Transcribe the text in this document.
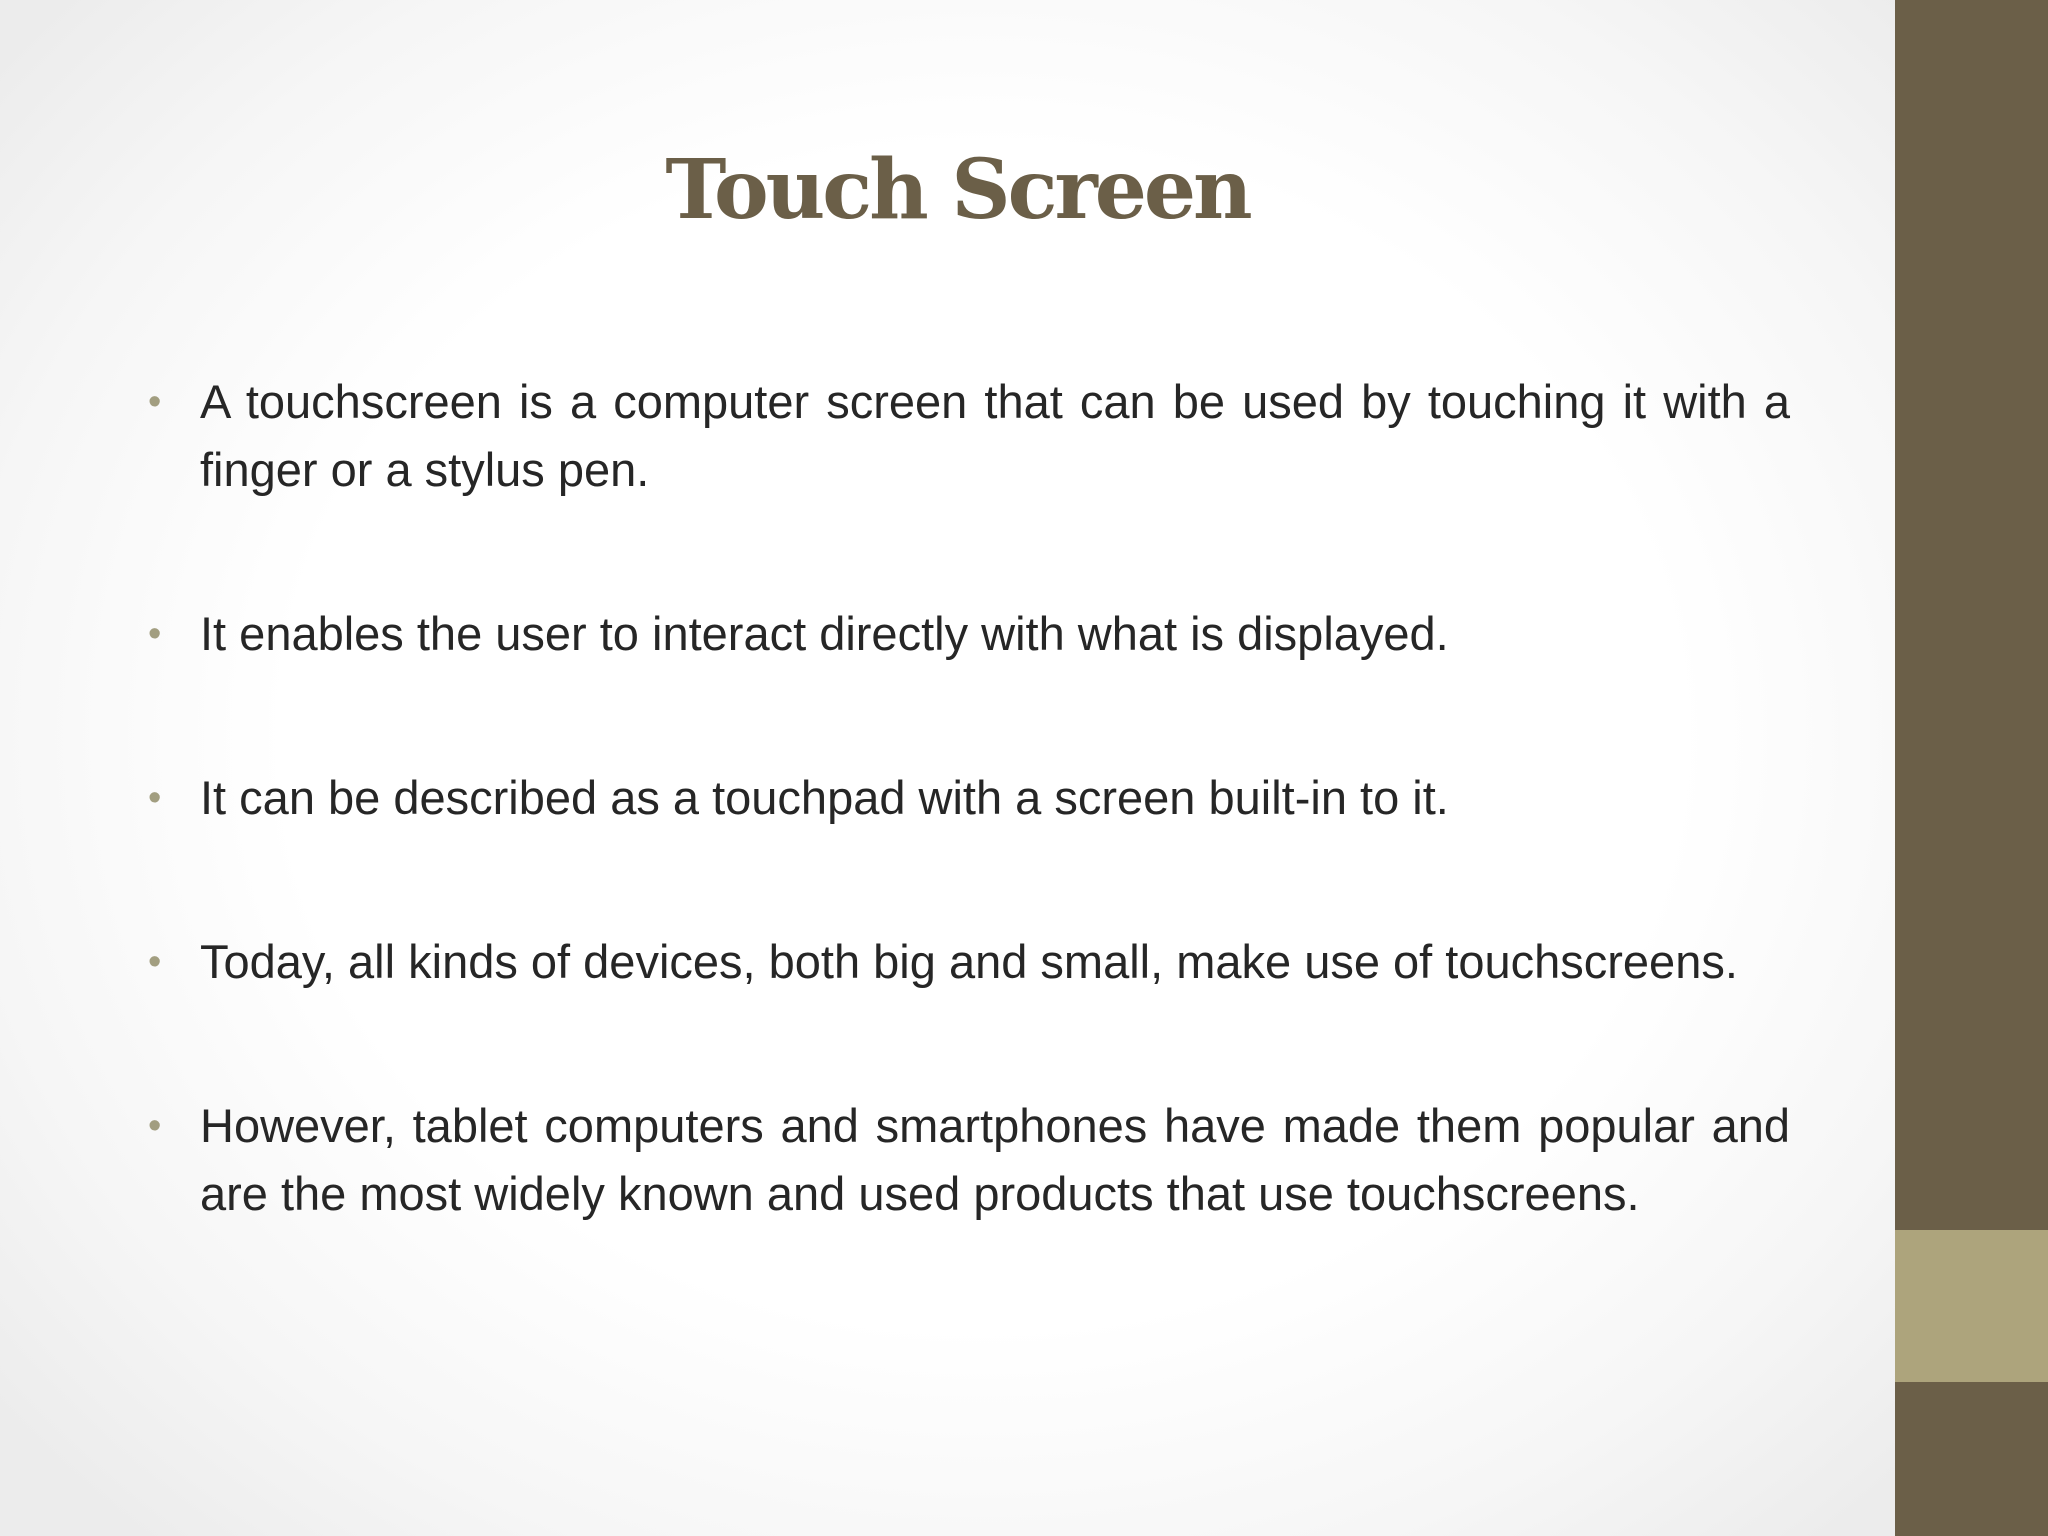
Touch Screen
• A touchscreen is a computer screen that can be used by touching it with a finger or a stylus pen.
• It enables the user to interact directly with what is displayed.
• It can be described as a touchpad with a screen built-in to it.
• Today, all kinds of devices, both big and small, make use of touchscreens.
• However, tablet computers and smartphones have made them popular and are the most widely known and used products that use touchscreens.
